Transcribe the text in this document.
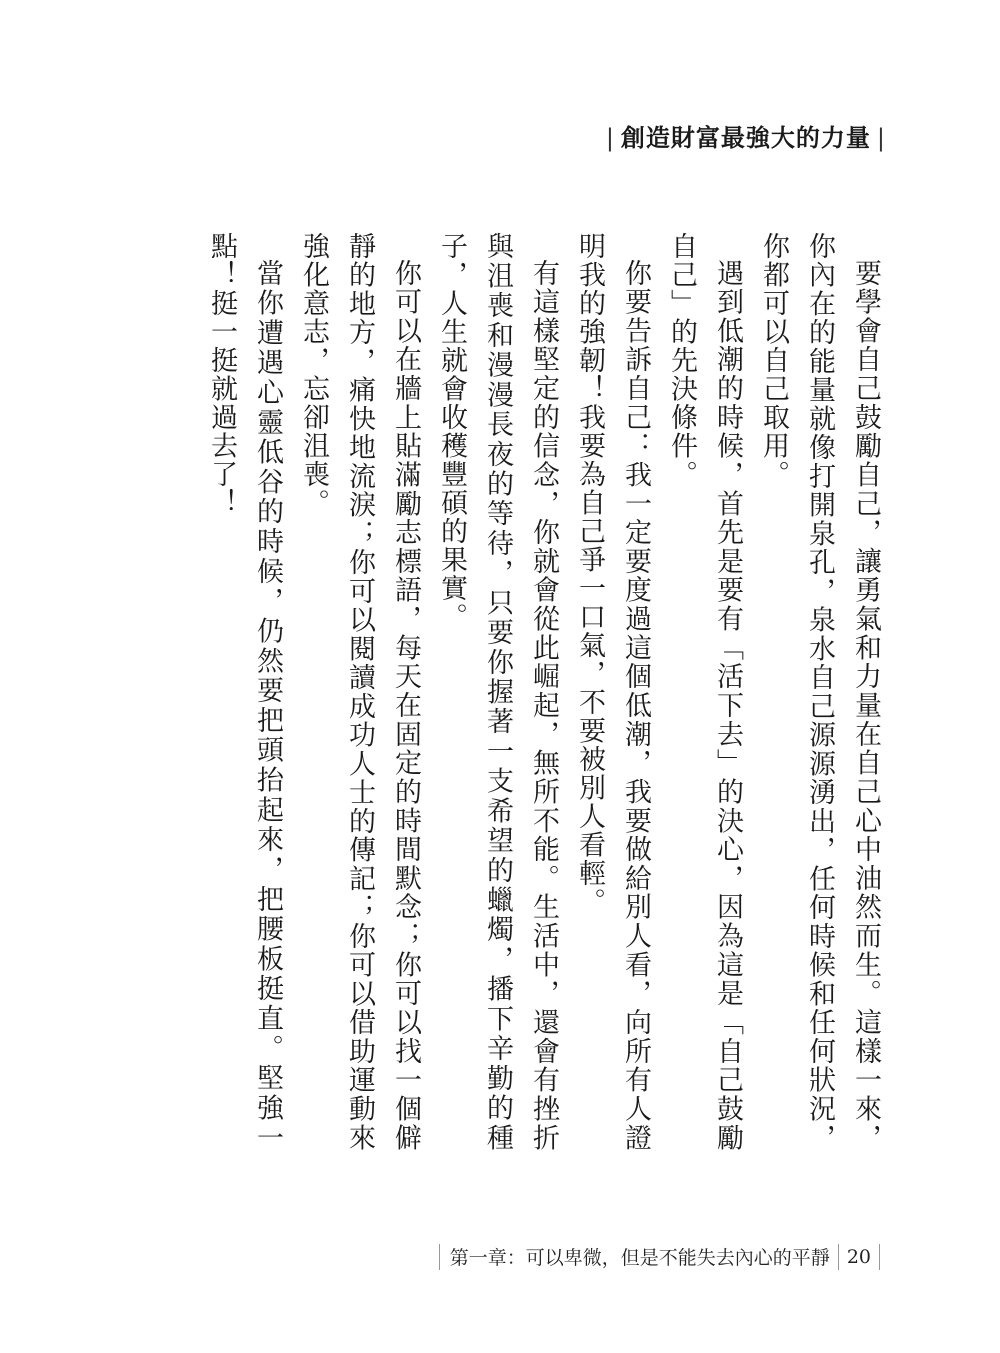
| 創造財富最強大的力量 |

要學會自己鼓勵自己，讓勇氣和力量在自己心中油然而生。這樣一來，你內在的能量就像打開泉孔，泉水自己源源湧出，任何時候和任何狀況，你都可以自己取用。

遇到低潮的時候，首先是要有「活下去」的決心，因為這是「自己鼓勵自己」的先決條件。

你要告訴自己：我一定要度過這個低潮，我要做給別人看，向所有人證明我的強韌！我要為自己爭一口氣，不要被別人看輕。

有這樣堅定的信念，你就會從此崛起，無所不能。生活中，還會有挫折與沮喪和漫漫長夜的等待，只要你握著一支希望的蠟燭，播下辛勤的種子，人生就會收穫豐碩的果實。

你可以在牆上貼滿勵志標語，每天在固定的時間默念；你可以找一個僻靜的地方，痛快地流淚；你可以閱讀成功人士的傳記；你可以借助運動來強化意志，忘卻沮喪。

當你遭遇心靈低谷的時候，仍然要把頭抬起來，把腰板挺直。堅強一點！挺一挺就過去了！

第一章：可以卑微，但是不能失去內心的平靜 20
